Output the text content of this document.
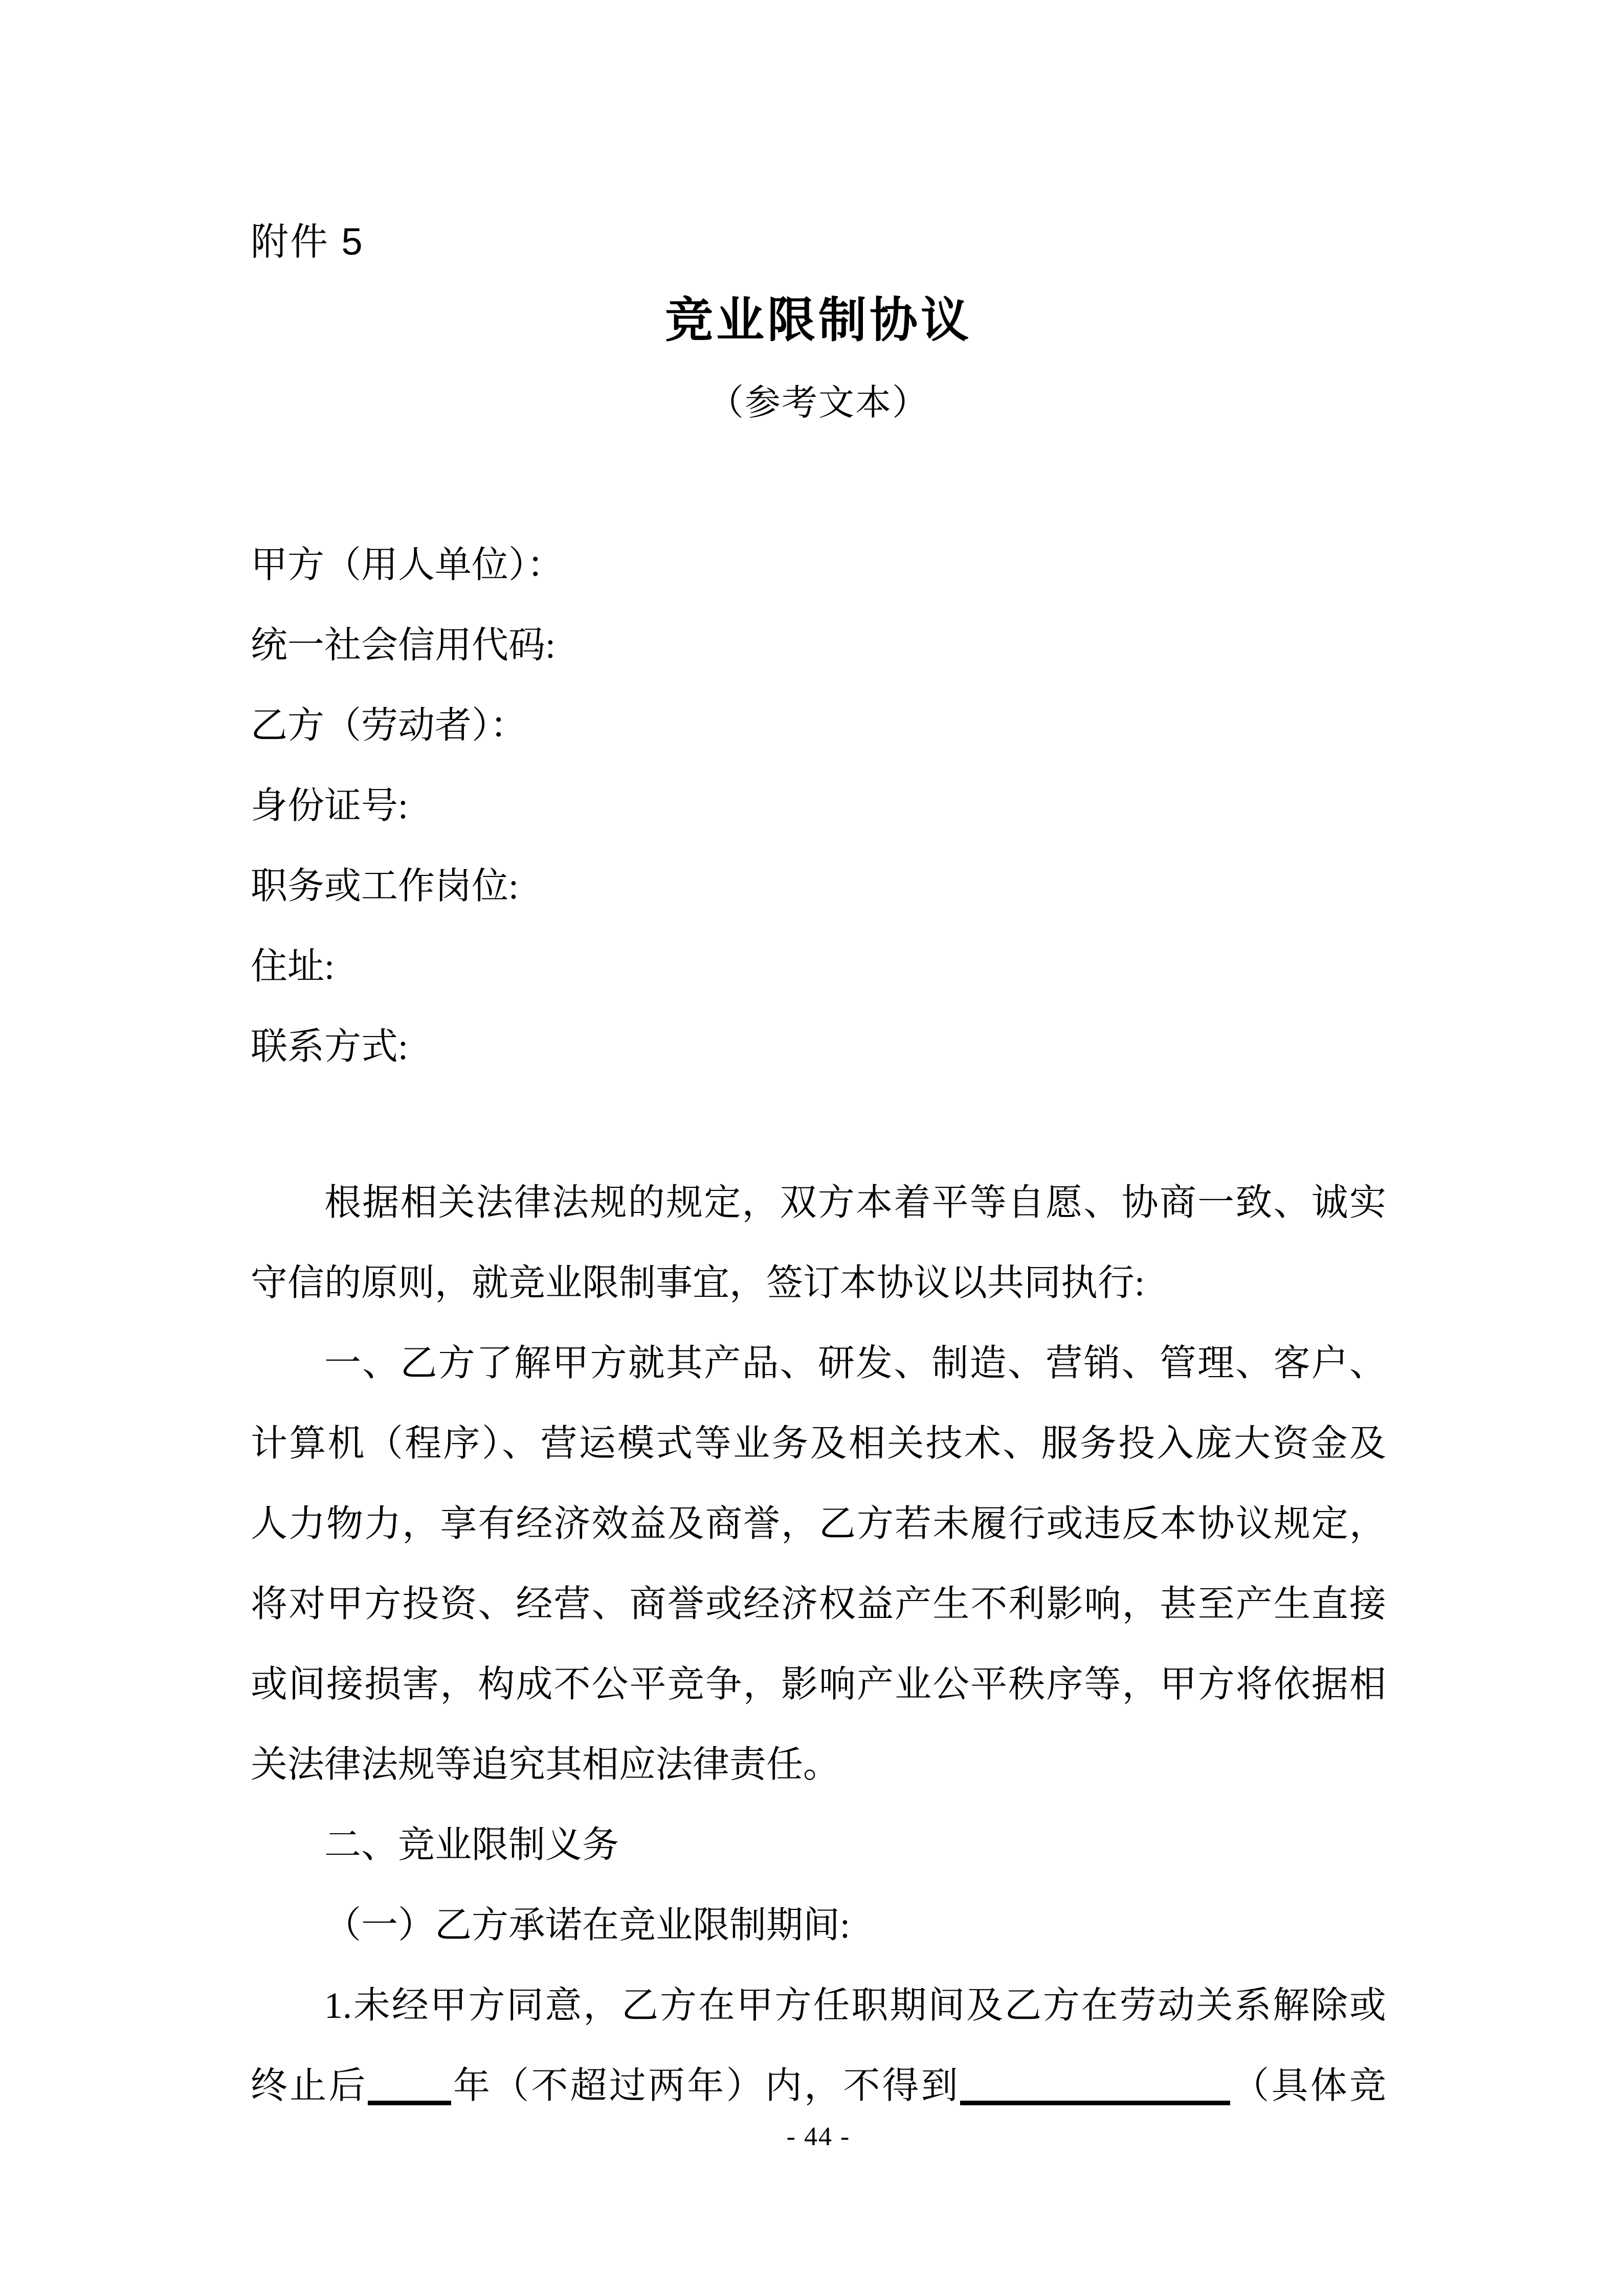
附件 5
竞业限制协议
（参考文本）
甲方（用人单位）：
统一社会信用代码:
乙方（劳动者）：
身份证号:
职务或工作岗位:
住址:
联系方式:
根据相关法律法规的规定，双方本着平等自愿、协商一致、诚实
守信的原则，就竞业限制事宜，签订本协议以共同执行:
一、乙方了解甲方就其产品、研发、制造、营销、管理、客户、
计算机（程序）、营运模式等业务及相关技术、服务投入庞大资金及
人力物力，享有经济效益及商誉，乙方若未履行或违反本协议规定，
将对甲方投资、经营、商誉或经济权益产生不利影响，甚至产生直接
或间接损害，构成不公平竞争，影响产业公平秩序等，甲方将依据相
关法律法规等追究其相应法律责任。
二、竞业限制义务
（一）乙方承诺在竞业限制期间:
1.未经甲方同意，乙方在甲方任职期间及乙方在劳动关系解除或
终止后 年（不超过两年）内，不得到	（具体竞
- 44 -
